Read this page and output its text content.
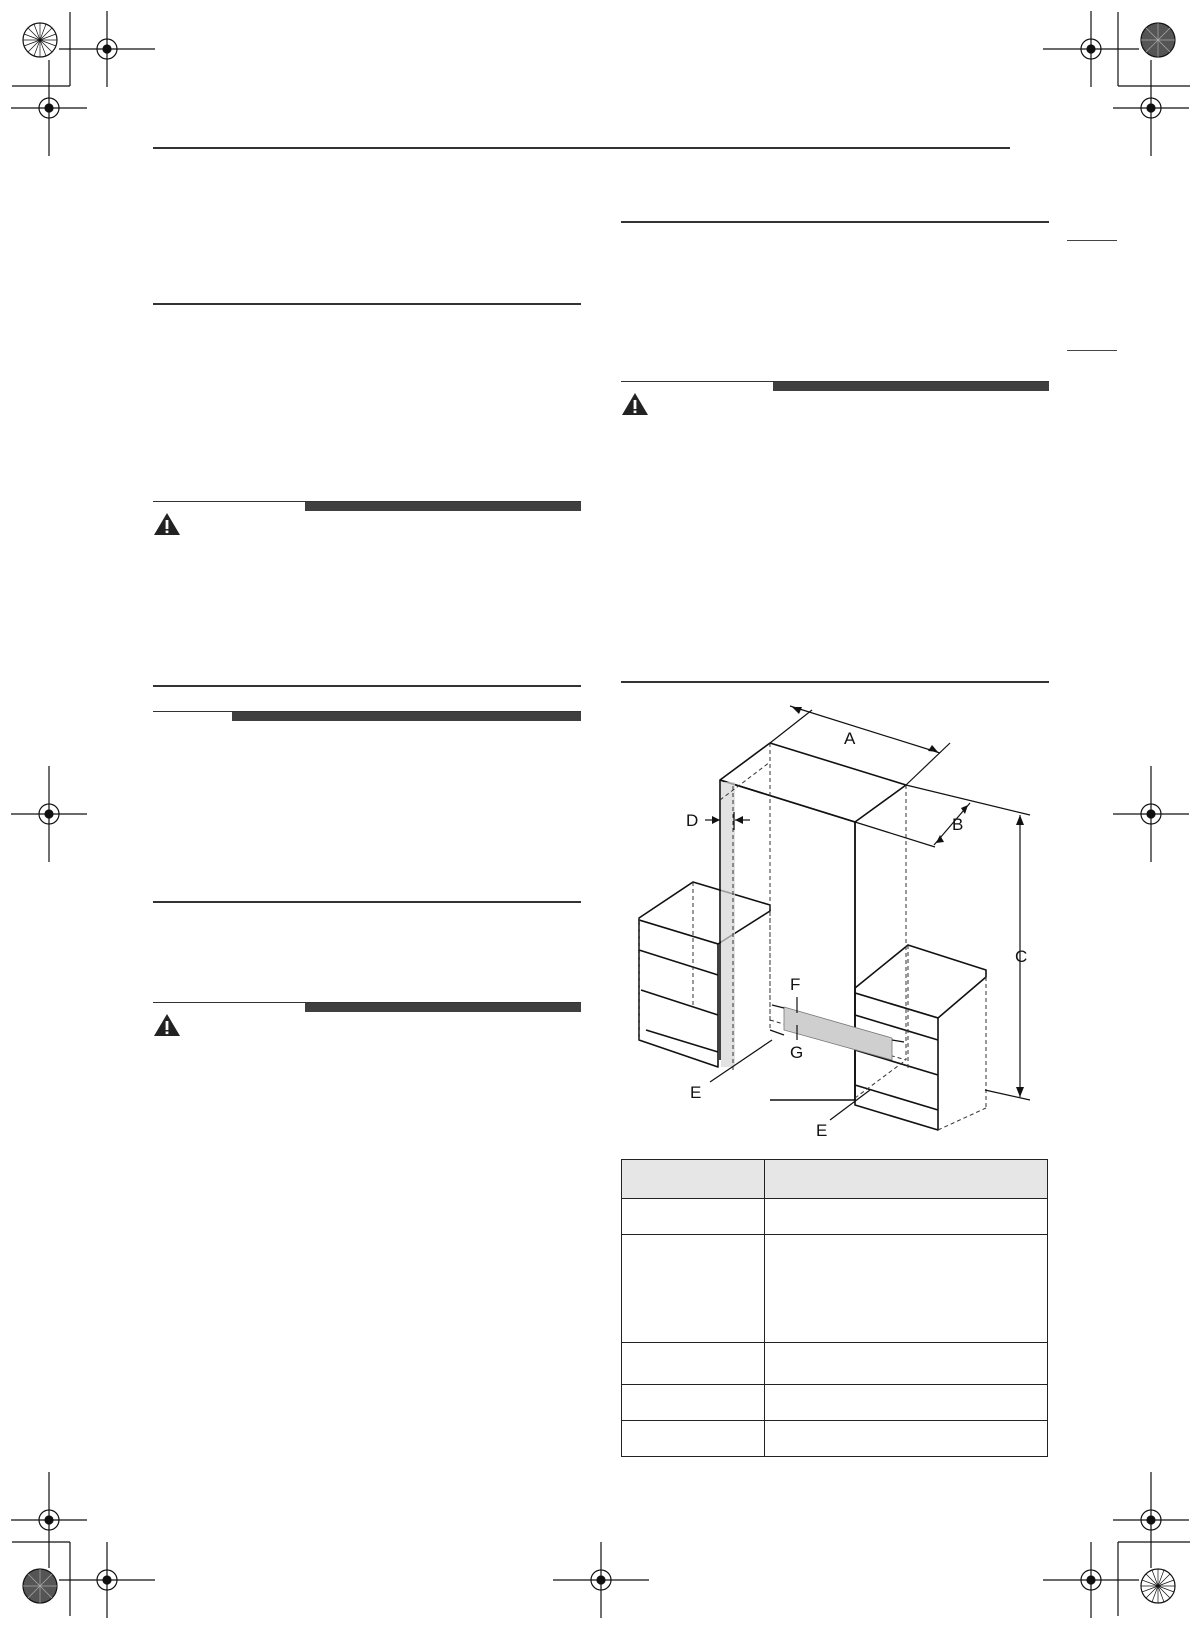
A
B
C
D
E
F
G
E
